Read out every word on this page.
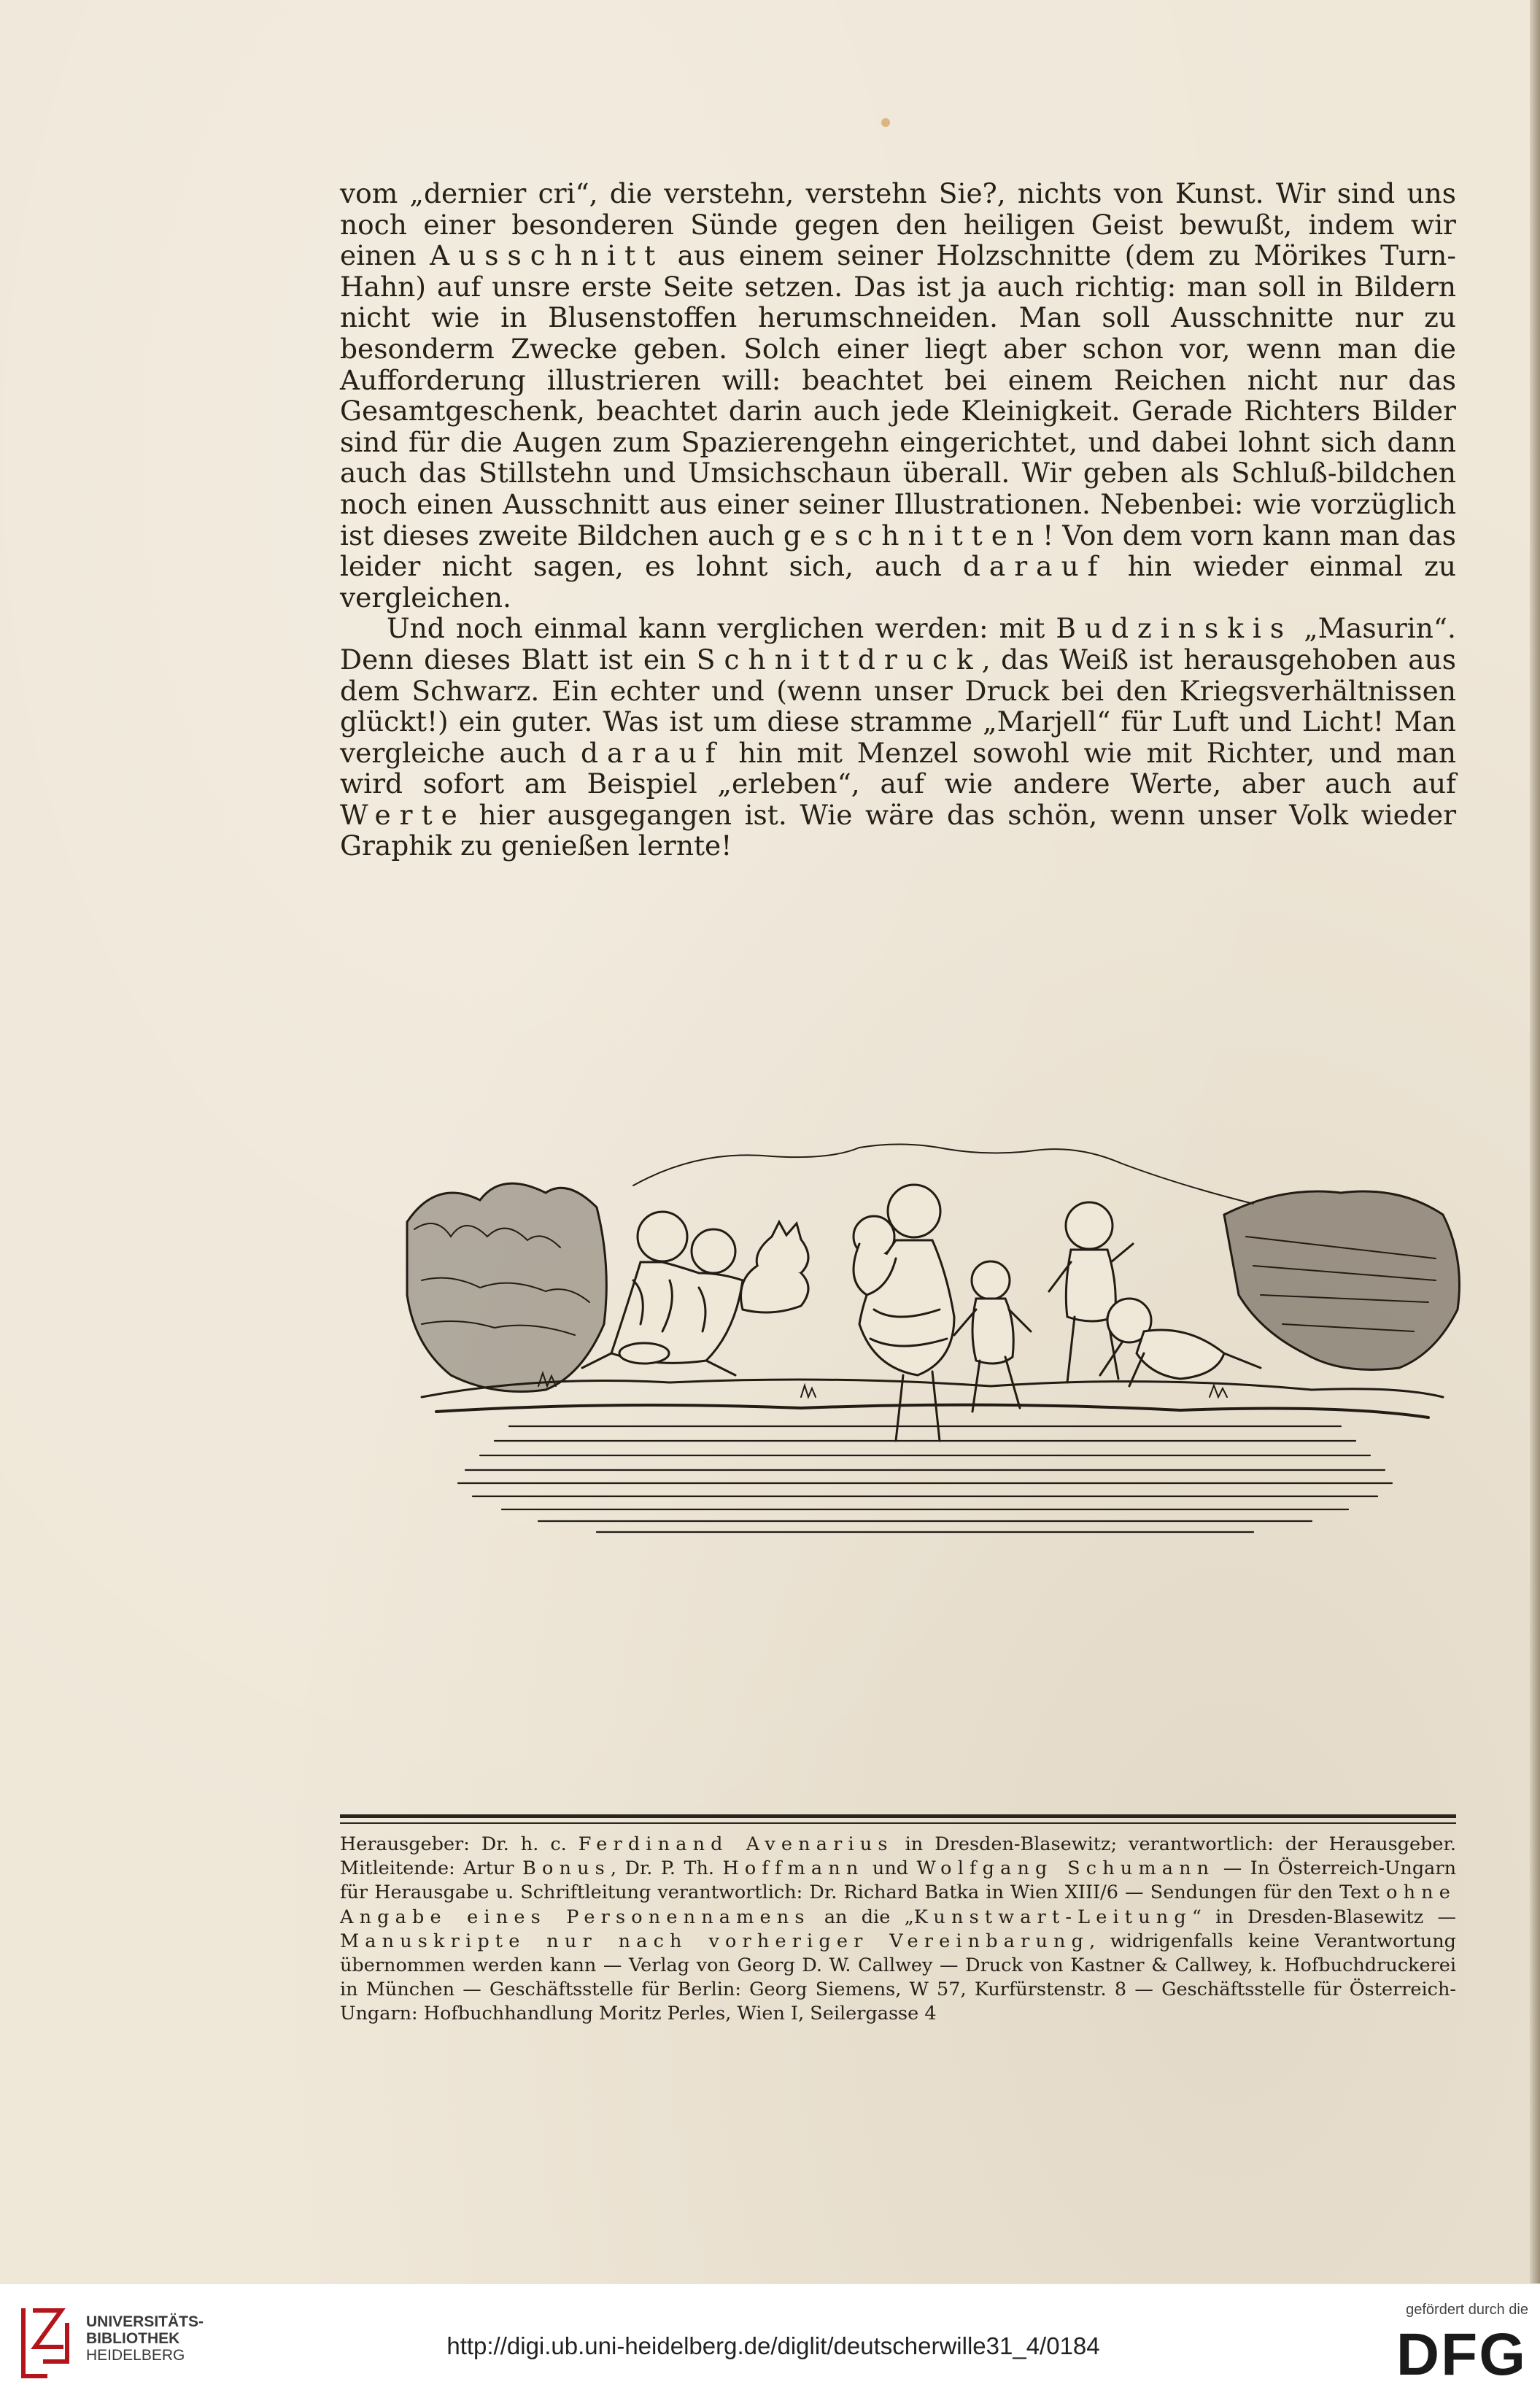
vom „dernier cri“, die verstehn, verstehn Sie?, nichts von Kunst. Wir sind uns noch einer besonderen Sünde gegen den heiligen Geist bewußt, indem wir einen Ausschnitt aus einem seiner Holzschnitte (dem zu Mörikes Turn-Hahn) auf unsre erste Seite setzen. Das ist ja auch richtig: man soll in Bildern nicht wie in Blusenstoffen herumschneiden. Man soll Ausschnitte nur zu besonderm Zwecke geben. Solch einer liegt aber schon vor, wenn man die Aufforderung illustrieren will: beachtet bei einem Reichen nicht nur das Gesamtgeschenk, beachtet darin auch jede Kleinigkeit. Gerade Richters Bilder sind für die Augen zum Spazierengehn eingerichtet, und dabei lohnt sich dann auch das Stillstehn und Umsichschaun überall. Wir geben als Schluß-bildchen noch einen Ausschnitt aus einer seiner Illustrationen. Nebenbei: wie vorzüglich ist dieses zweite Bildchen auch geschnitten! Von dem vorn kann man das leider nicht sagen, es lohnt sich, auch darauf hin wieder einmal zu vergleichen.

Und noch einmal kann verglichen werden: mit Budzinskis „Masurin“. Denn dieses Blatt ist ein Schnittdruck, das Weiß ist herausgehoben aus dem Schwarz. Ein echter und (wenn unser Druck bei den Kriegsverhältnissen glückt!) ein guter. Was ist um diese stramme „Marjell“ für Luft und Licht! Man vergleiche auch darauf hin mit Menzel sowohl wie mit Richter, und man wird sofort am Beispiel „erleben“, auf wie andere Werte, aber auch auf Werte hier ausgegangen ist. Wie wäre das schön, wenn unser Volk wieder Graphik zu genießen lernte!

Herausgeber: Dr. h. c. Ferdinand Avenarius in Dresden-Blasewitz; verantwortlich: der Herausgeber. Mitleitende: Artur Bonus, Dr. P. Th. Hoffmann und Wolfgang Schumann — In Österreich-Ungarn für Herausgabe u. Schriftleitung verantwortlich: Dr. Richard Batka in Wien XIII/6 — Sendungen für den Text ohne Angabe eines Personennamens an die „Kunstwart-Leitung“ in Dresden-Blasewitz — Manuskripte nur nach vorheriger Vereinbarung, widrigenfalls keine Verantwortung übernommen werden kann — Verlag von Georg D. W. Callwey — Druck von Kastner & Callwey, k. Hofbuchdruckerei in München — Geschäftsstelle für Berlin: Georg Siemens, W 57, Kurfürstenstr. 8 — Geschäftsstelle für Österreich-Ungarn: Hofbuchhandlung Moritz Perles, Wien I, Seilergasse 4
UNIVERSITÄTS-
BIBLIOTHEK
HEIDELBERG	http://digi.ub.uni-heidelberg.de/diglit/deutscherwille31_4/0184
gefördert durch die
DFG
